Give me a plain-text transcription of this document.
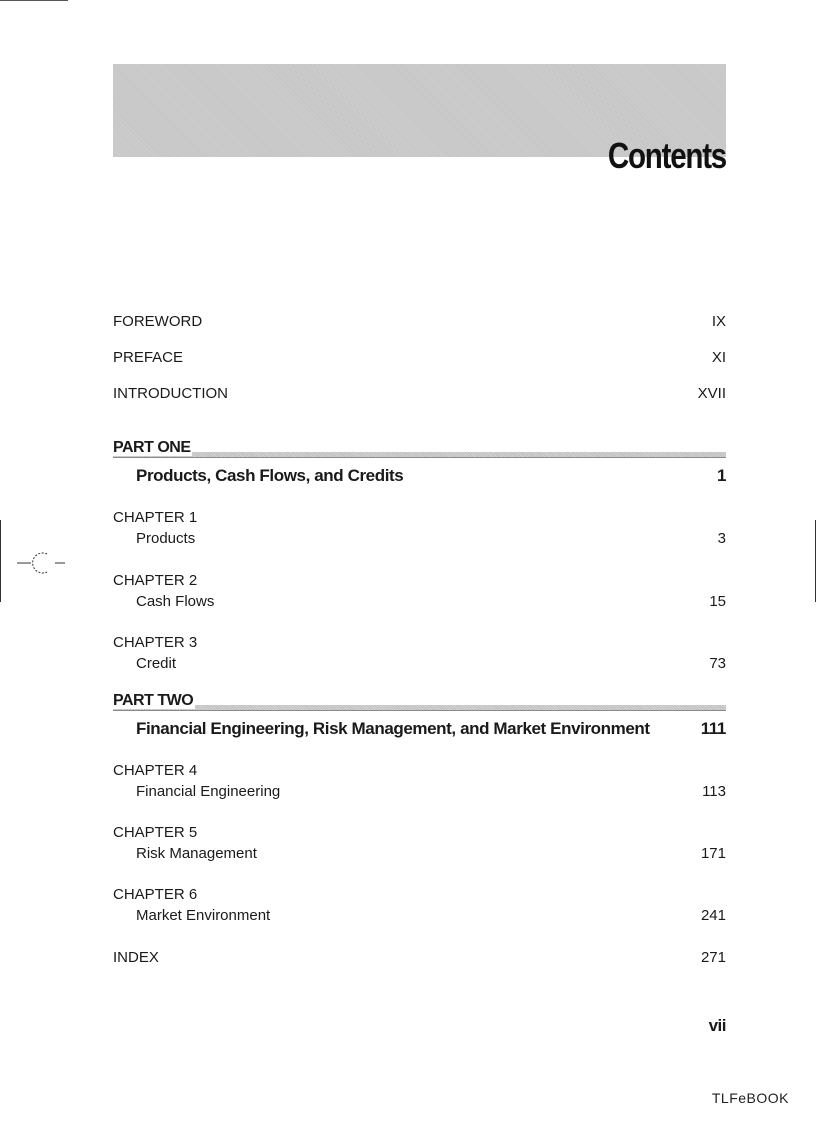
Contents
FOREWORD	IX
PREFACE	XI
INTRODUCTION	XVII
PART ONE
Products, Cash Flows, and Credits	1
CHAPTER 1
Products	3
CHAPTER 2
Cash Flows	15
CHAPTER 3
Credit	73
PART TWO
Financial Engineering, Risk Management, and Market Environment	111
CHAPTER 4
Financial Engineering	113
CHAPTER 5
Risk Management	171
CHAPTER 6
Market Environment	241
INDEX	271
vii
TLFeBOOK
